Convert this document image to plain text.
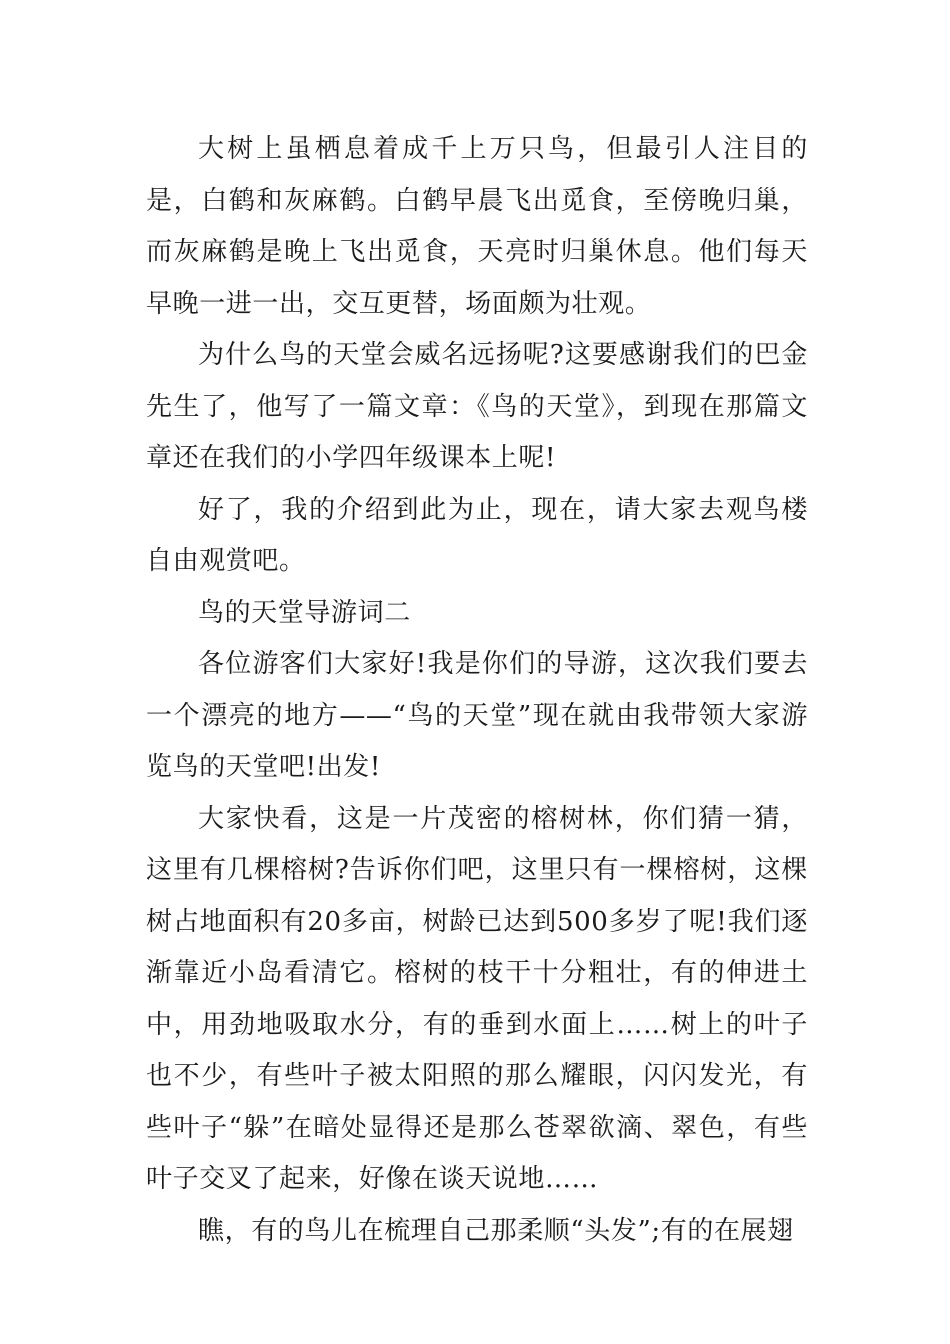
大树上虽栖息着成千上万只鸟，但最引人注目的是，白鹤和灰麻鹤。白鹤早晨飞出觅食，至傍晚归巢，而灰麻鹤是晚上飞出觅食，天亮时归巢休息。他们每天早晚一进一出，交互更替，场面颇为壮观。

为什么鸟的天堂会威名远扬呢?这要感谢我们的巴金先生了，他写了一篇文章：《鸟的天堂》，到现在那篇文章还在我们的小学四年级课本上呢!

好了，我的介绍到此为止，现在，请大家去观鸟楼自由观赏吧。

鸟的天堂导游词二

各位游客们大家好!我是你们的导游，这次我们要去一个漂亮的地方——“鸟的天堂”现在就由我带领大家游览鸟的天堂吧!出发!

大家快看，这是一片茂密的榕树林，你们猜一猜，这里有几棵榕树?告诉你们吧，这里只有一棵榕树，这棵树占地面积有20多亩，树龄已达到500多岁了呢!我们逐渐靠近小岛看清它。榕树的枝干十分粗壮，有的伸进土中，用劲地吸取水分，有的垂到水面上……树上的叶子也不少，有些叶子被太阳照的那么耀眼，闪闪发光，有些叶子“躲”在暗处显得还是那么苍翠欲滴、翠色，有些叶子交叉了起来，好像在谈天说地……

瞧，有的鸟儿在梳理自己那柔顺“头发”;有的在展翅
